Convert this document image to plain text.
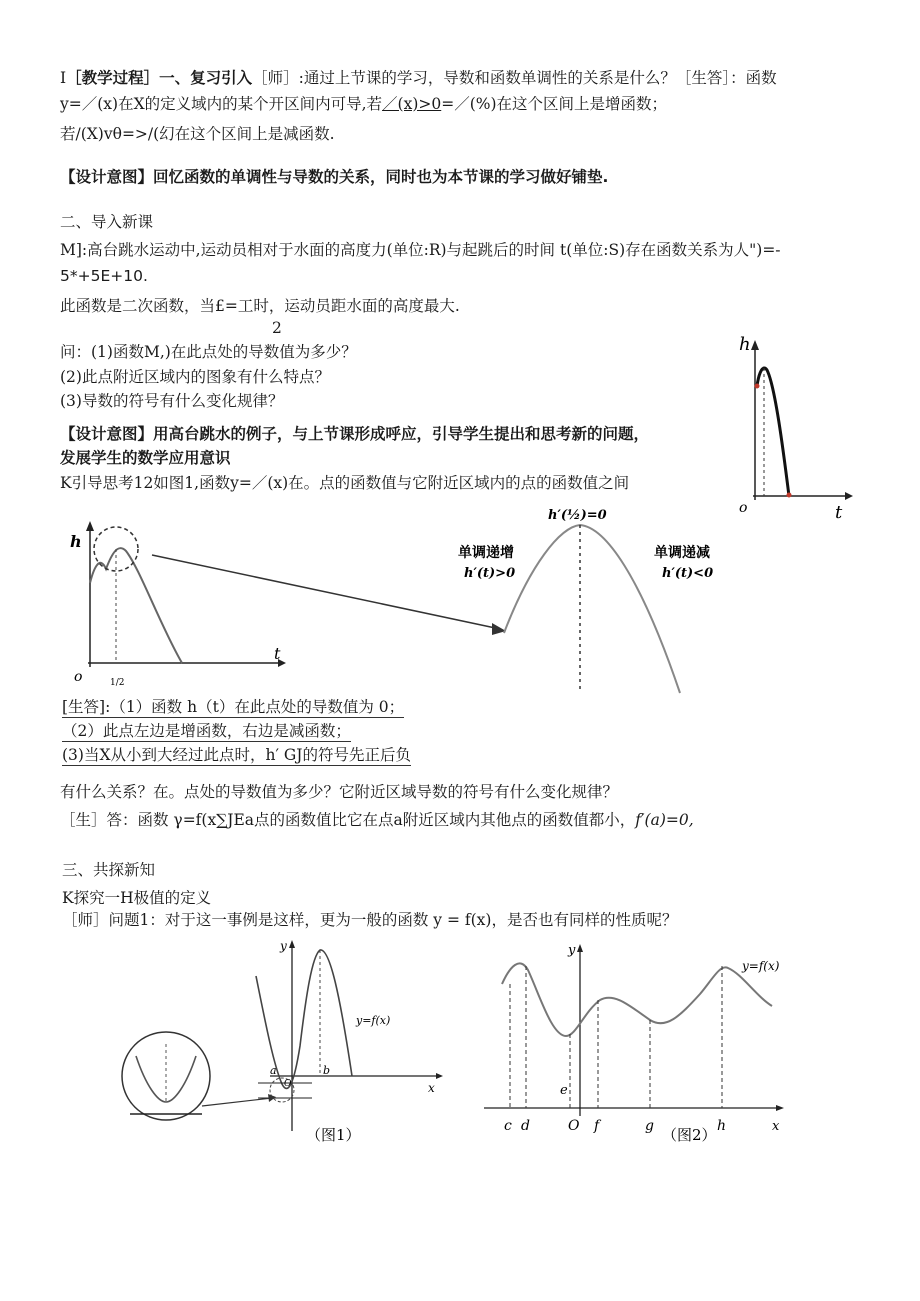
I［教学过程］一、复习引入［师］:通过上节课的学习，导数和函数单调性的关系是什么？［生答］：函数
y=／(x)在X的定义域内的某个开区间内可导,若／(x)>0=／(%)在这个区间上是增函数；
若/(X)vθ=>/(幻在这个区间上是减函数.
【设计意图】回忆函数的单调性与导数的关系，同时也为本节课的学习做好铺垫.
二、导入新课
M]:高台跳水运动中,运动员相对于水面的高度力(单位:R)与起跳后的时间 t(单位:S)存在函数关系为人")=-
5*+5E+10.
此函数是二次函数，当£=工时，运动员距水面的高度最大.
2
问：(1)函数M,)在此点处的导数值为多少？
(2)此点附近区域内的图象有什么特点？
(3)导数的符号有什么变化规律？
【设计意图】用高台跳水的例子，与上节课形成呼应，引导学生提出和思考新的问题，
发展学生的数学应用意识
K引导思考12如图1,函数y=／(x)在。点的函数值与它附近区域内的点的函数值之间
h
t
o
h
t
o	1/2
h′(½)=0
单调递增
h′(t)>0
单调递减
h′(t)<0
[生答]:（1）函数 h（t）在此点处的导数值为 0；
（2）此点左边是增函数，右边是减函数；
(3)当X从小到大经过此点时，h′ GJ的符号先正后负
有什么关系？在。点处的导数值为多少？它附近区域导数的符号有什么变化规律？
［生］答：函数 γ=f(x∑JEa点的函数值比它在点a附近区域内其他点的函数值都小，f′(a)=0,
三、共探新知
K探究一H极值的定义
［师］问题1：对于这一事例是这样，更为一般的函数 y = f(x)，是否也有同样的性质呢？
a	b
y
x
O
y=f(x)
（图1）
y
x
y=f(x)
e
c d	O f	g	h
（图2）
